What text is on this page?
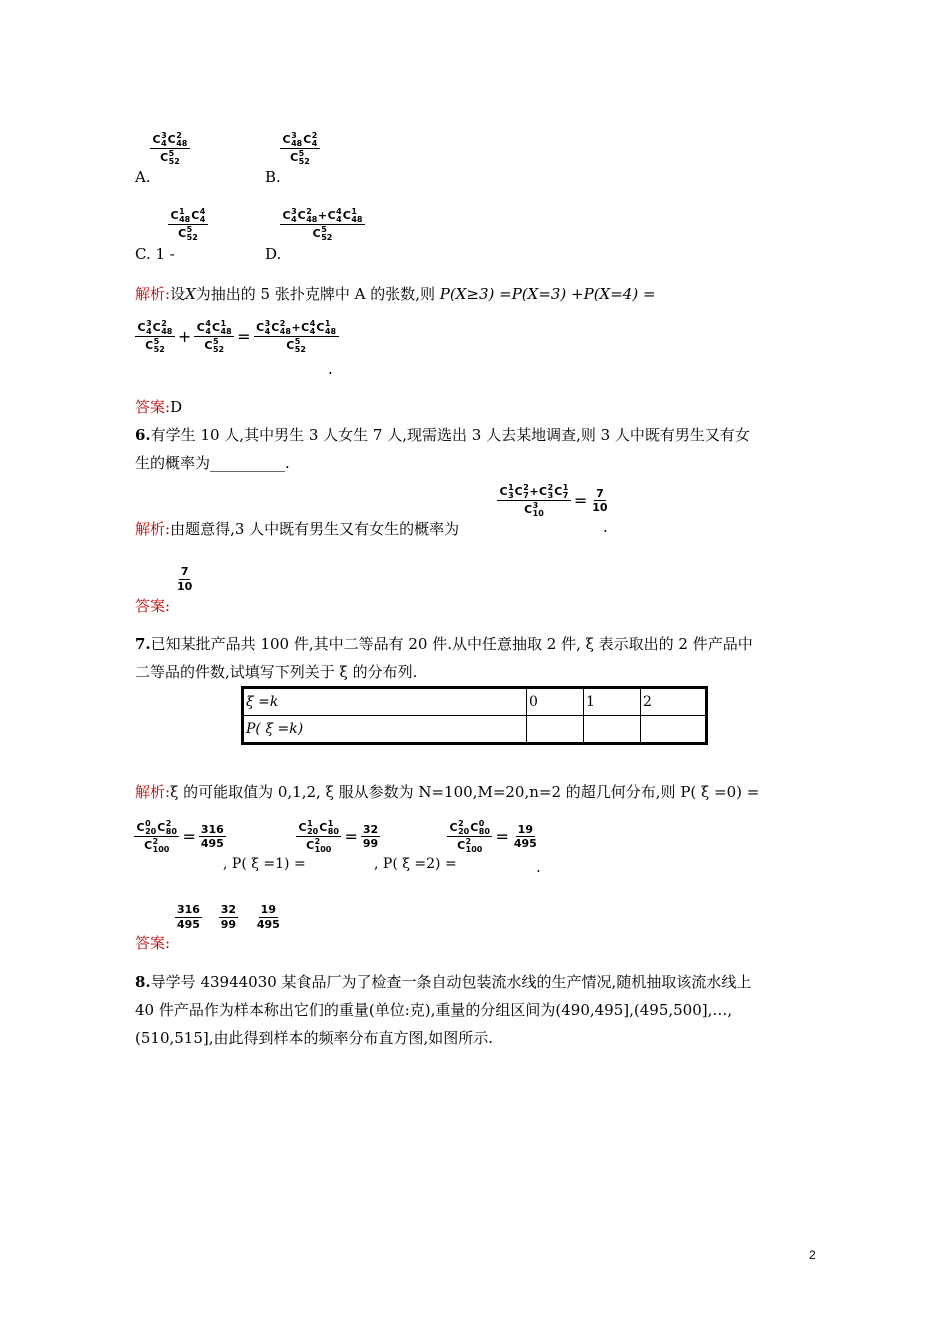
C 3
4 C 2
48
C 5
52
A.
C 3
48 C 2
4
C 5
52
B.
C 1
48 C 4
4
C 5
52
C. 1 -
C 3
4 C 2
48 + C 4
4 C 1
48
C 5
52
D.
解析:设X为抽出的 5 张扑克牌中 A 的张数,则 P(X≥3) =P(X=3) +P(X=4) =
C 3
4 C 2
48
C 5
52 + C 4
4 C 1
48
C 5
52 = C 3
4 C 2
48 + C 4
4 C 1
48
C 5
52
.
答案:D
6.有学生 10 人,其中男生 3 人女生 7 人,现需选出 3 人去某地调查,则 3 人中既有男生又有女
生的概率为__________.
解析:由题意得,3 人中既有男生又有女生的概率为
C 1
3 C 2
7 + C 2
3 C 1
7
C 3
$10 = \frac{7}{10}$
.
$\frac{7}{10}$
答案:
7.已知某批产品共 100 件,其中二等品有 20 件.从中任意抽取 2 件, ξ 表示取出的 2 件产品中
二等品的件数,试填写下列关于 ξ 的分布列.
ξ =k	0	1	2
P( ξ =k)			
解析:ξ 的可能取值为 0,1,2, ξ 服从参数为 N=100,M=20,n=2 的超几何分布,则 P( ξ =0) =
C 0
20 C 2
80
C 2
$100 = \frac{316}{495}$
, P( ξ =1) =
C 1
20 C 1
80
C 2
$100 = \frac{32}{99}$
, P( ξ =2) =
C 2
20 C 0
80
C 2
$100 = \frac{19}{495}$
.
$\frac{316}{495}$
$\frac{32}{99}$
$\frac{19}{495}$
答案:
8.导学号 43944030 某食品厂为了检查一条自动包装流水线的生产情况,随机抽取该流水线上
40 件产品作为样本称出它们的重量(单位:克),重量的分组区间为(490,495],(495,500],…,
(510,515],由此得到样本的频率分布直方图,如图所示.
2
